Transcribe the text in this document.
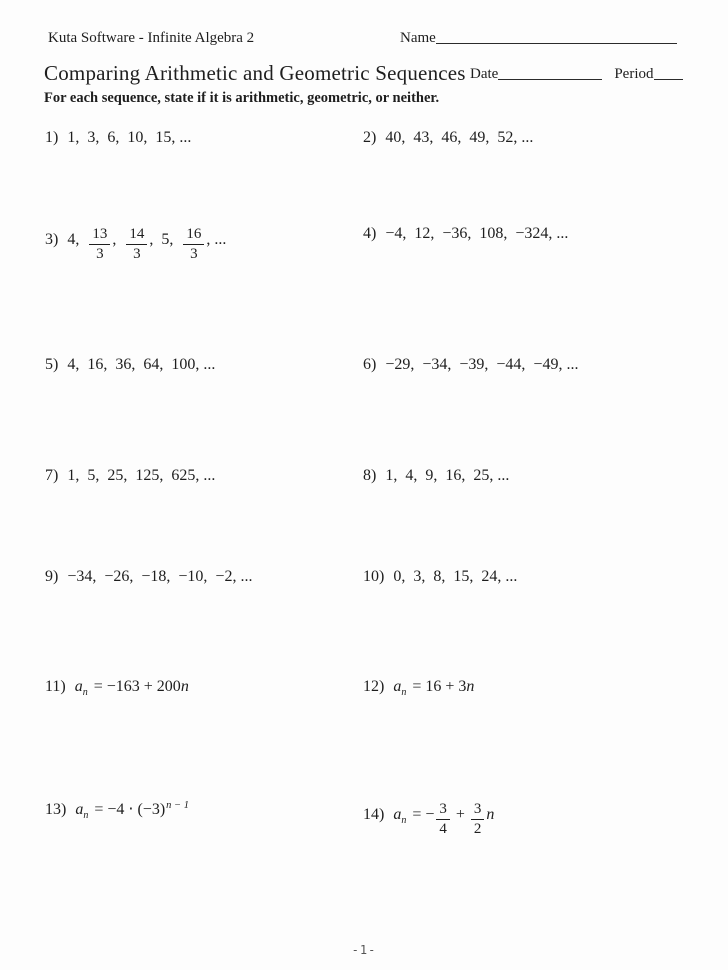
Kuta Software - Infinite Algebra 2	Name
Comparing Arithmetic and Geometric Sequences Date	Period

For each sequence, state if it is arithmetic, geometric, or neither.

1) 1,  3,  6,  10,  15, ...	2) 40,  43,  46,  49,  52, ...
3) 4, $\frac{13}{3}$ , $\frac{14}{3}$ ,  5, $\frac{16}{3}$ , ...	4) −4,  12,  −36,  108,  −324, ...
5) 4,  16,  36,  64,  100, ...	6) −29,  −34,  −39,  −44,  −49, ...
7) 1,  5,  25,  125,  625, ...	8) 1,  4,  9,  16,  25, ...
9) −34,  −26,  −18,  −10,  −2, ...	10) 0,  3,  8,  15,  24, ...
11) $a_n = -163 + 200n$	12) $a_n = 16 + 3n$
13) $a_n = -4 \cdot (-3)^{n - 1}$
14) $a_n$ = − $\frac{3}{4} + \frac{3}{2}$ n
-1-
